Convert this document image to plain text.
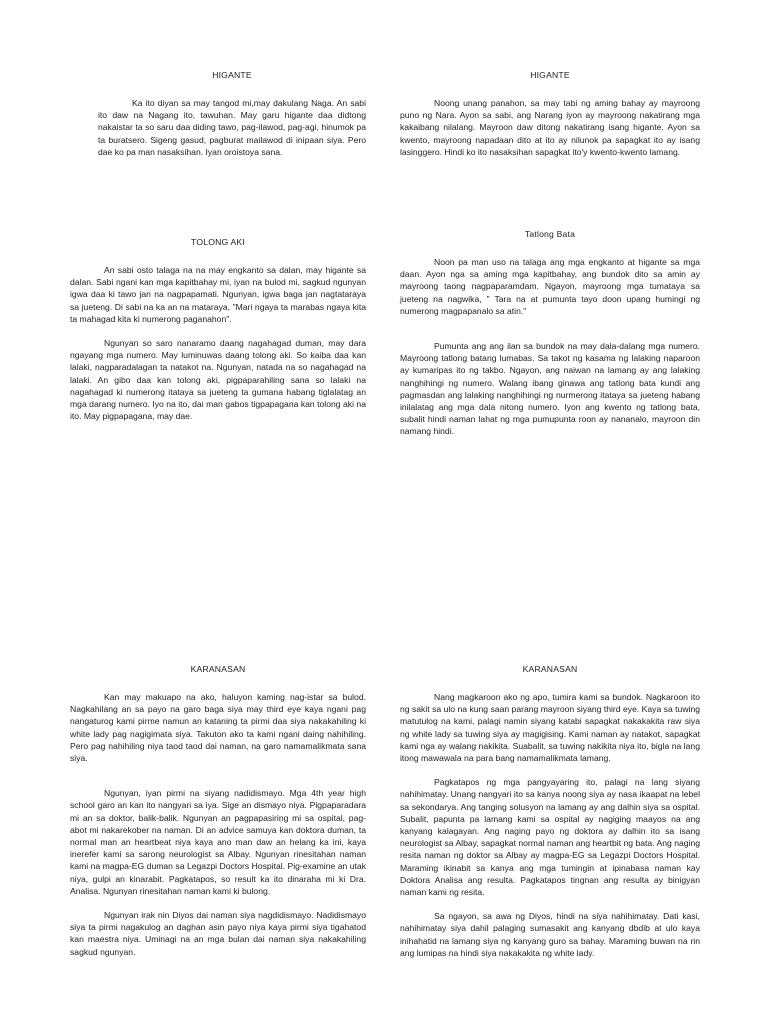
HIGANTE

Ka ito diyan sa may tangod mi,may dakulang Naga. An sabi ito daw na Nagang ito, tawuhan. May garu higante daa didtong nakaistar ta so saru daa diding tawo, pag-ilawod, pag-agi, hinumok pa ta buratsero. Sigeng gasud, pagburat mailawod di inipaan siya. Pero dae ko pa man nasaksihan. Iyan oroistoya sana.

HIGANTE

Noong unang panahon, sa may tabi ng aming bahay ay mayroong puno ng Nara. Ayon sa sabi, ang Narang iyon ay mayroong nakatirang mga kakaibang nilalang. Mayroon daw ditong nakatirang isang higante. Ayon sa kwento, mayroong napadaan dito at ito ay nilunok pa sapagkat ito ay isang lasinggero. Hindi ko ito nasaksihan sapagkat ito'y kwento-kwento lamang.

TOLONG AKI

An sabi osto talaga na na may engkanto sa dalan, may higante sa dalan. Sabi ngani kan mga kapitbahay mi, iyan na bulod mi, sagkud ngunyan igwa daa ki tawo jan na nagpapamati. Ngunyan, igwa baga jan nagtataraya sa jueteng. Di sabi na ka an na mataraya, "Mari ngaya ta marabas ngaya kita ta mahagad kita ki numerong paganahon".

Ngunyan so saro nanaramo daang nagahagad duman, may dara ngayang mga numero. May luminuwas daang tolong aki. So kaiba daa kan lalaki, nagparadalagan ta natakot na. Ngunyan, natada na so nagahagad na lalaki. An gibo daa kan tolong aki, pigpaparahiling sana so lalaki na nagahagad ki numerong itataya sa jueteng ta gumana habang tiglalatag an mga darang numero. Iyo na ito, dai man gabos tigpapagana kan tolong aki na ito. May pigpapagana, may dae.

Tatlong Bata

Noon pa man uso na talaga ang mga engkanto at higante sa mga daan. Ayon nga sa aming mga kapitbahay, ang bundok dito sa amin ay mayroong taong nagpaparamdam. Ngayon, mayroong mga tumataya sa jueteng na nagwika, " Tara na at pumunta tayo doon upang humingi ng numerong magpapanalo sa atin."

Pumunta ang ang ilan sa bundok na may dala-dalang mga numero. Mayroong tatlong batang lumabas. Sa takot ng kasama ng lalaking naparoon ay kumaripas ito ng takbo. Ngayon, ang naiwan na lamang ay ang lalaking nanghihingi ng numero. Walang ibang ginawa ang tatlong bata kundi ang pagmasdan ang lalaking nanghihingi ng nurmerong itataya sa jueteng habang inilalatag ang mga dala nitong numero. Iyon ang kwento ng tatlong bata, subalit hindi naman lahat ng mga pumupunta roon ay nananalo, mayroon din namang hindi.

KARANASAN

Kan may makuapo na ako, haluyon kaming nag-istar sa bulod. Nagkahilang an sa payo na garo baga siya may third eye kaya ngani pag nangaturog kami pirme namun an kataning ta pirmi daa siya nakakahiling ki white lady pag nagigimata siya. Takuton ako ta kami ngani daing nahihiling. Pero pag nahihiling niya taod taod dai naman, na garo namamalikmata sana siya.

Ngunyan, iyan pirmi na siyang nadidismayo. Mga 4th year high school garo an kan ito nangyari sa iya. Sige an dismayo niya. Pigpaparadara mi an sa doktor, balik-balik. Ngunyan an pagpapasiring mi sa ospital, pag-abot mi nakarekober na naman. Di an advice samuya kan doktora duman, ta normal man an heartbeat niya kaya ano man daw an helang ka ini, kaya inerefer kami sa sarong neurologist sa Albay. Ngunyan rinesitahan naman kami na magpa-EG duman sa Legazpi Doctors Hospital. Pig-examine an utak niya, gulpi an kinarabit. Pagkatapos, so result ka ito dinaraha mi ki Dra. Analisa. Ngunyan rinesitahan naman kami ki bulong.

Ngunyan irak nin Diyos dai naman siya nagdidismayo. Nadidismayo siya ta pirmi nagakulog an daghan asin payo niya kaya pirmi siya tigahatod kan maestra niya. Uminagi na an mga bulan dai naman siya nakakahiling sagkud ngunyan.

KARANASAN

Nang magkaroon ako ng apo, tumira kami sa bundok. Nagkaroon ito ng sakit sa ulo na kung saan parang mayroon siyang third eye. Kaya sa tuwing matutulog na kami, palagi namin siyang katabi sapagkat nakakakita raw siya ng white lady sa tuwing siya ay magigising. Kami naman ay natakot, sapagkat kami nga ay walang nakikita. Suabalit, sa tuwing nakikita niya ito, bigla na lang itong mawawala na para bang namamalikmata lamang.

Pagkatapos ng mga pangyayaring ito, palagi na lang siyang nahihimatay. Unang nangyari ito sa kanya noong siya ay nasa ikaapat na lebel sa sekondarya. Ang tanging solusyon na lamang ay ang dalhin siya sa ospital. Subalit, papunta pa lamang kami sa ospital ay nagiging maayos na ang kanyang kalagayan. Ang naging payo ng doktora ay dalhin ito sa isang neurologist sa Albay, sapagkat normal naman ang heartbit ng bata. Ang naging resita naman ng doktor sa Albay ay magpa-EG sa Legazpi Doctors Hospital. Maraming ikinabit sa kanya ang mga tumingin at ipinabasa naman kay Doktora Analisa ang resulta. Pagkatapos tingnan ang resulta ay binigyan naman kami ng resita.

Sa ngayon, sa awa ng Diyos, hindi na siya nahihimatay. Dati kasi, nahihimatay siya dahil palaging sumasakit ang kanyang dbdib at ulo kaya inihahatid na lamang siya ng kanyang guro sa bahay. Maraming buwan na rin ang lumipas na hindi siya nakakakita ng white lady.
